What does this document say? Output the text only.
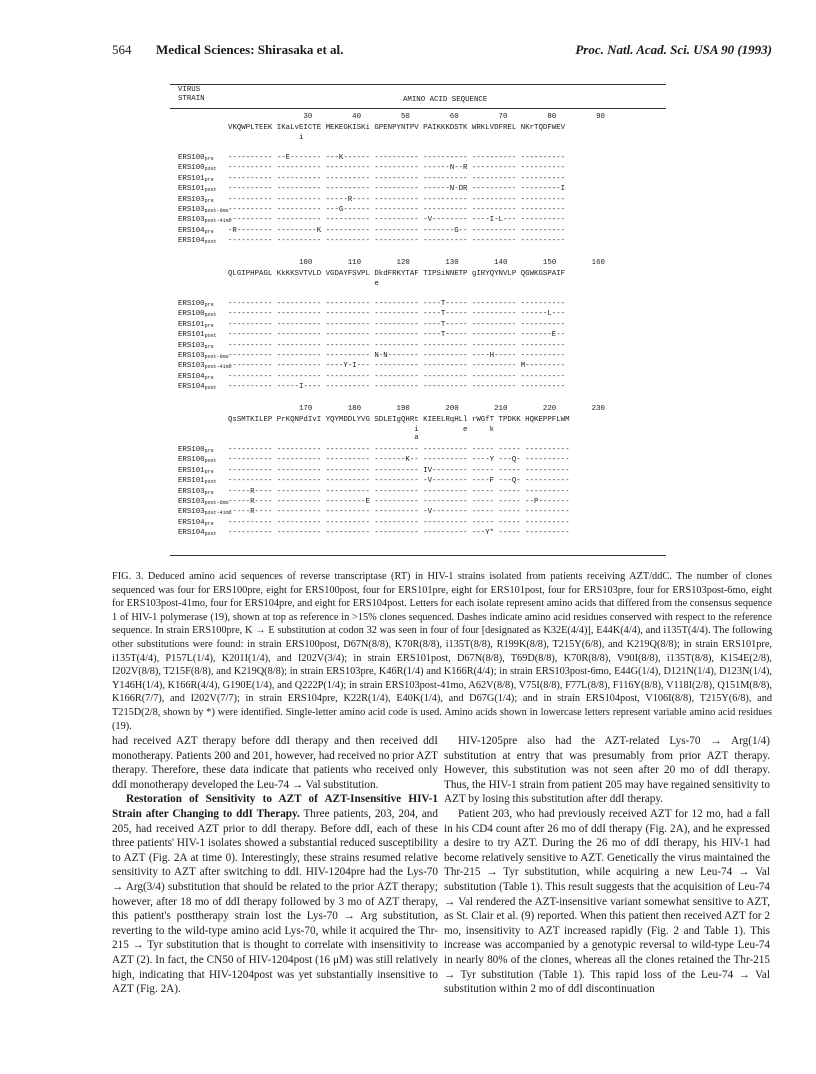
564 Medical Sciences: Shirasaka et al.	Proc. Natl. Acad. Sci. USA 90 (1993)
VIRUS
STRAIN	AMINO ACID SEQUENCE
30         40         50         60         70         80         90
VKQWPLTEEK IKaLvEICTE MEKEGKISKi GPENPYNTPV PAIKKKDSTK WRKLVDFREL NKrTQDFWEV
i
ERS100pre ---------- --E------- ---K------ ---------- ---------- ---------- ----------
ERS100post ---------- ---------- ---------- ---------- ------N--R ---------- ----------
ERS101pre ---------- ---------- ---------- ---------- ---------- ---------- ----------
ERS101post ---------- ---------- ---------- ---------- ------N-DR ---------- ---------I
ERS103pre ---------- ---------- -----R---- ---------- ---------- ---------- ----------
ERS103post-6mo ---------- ---------- ---G------ ---------- ---------- ---------- ----------
ERS103post-41mo
---------- ---------- ---------- ---------- -V-------- ----I-L--- ----------
ERS104pre -R-------- ---------K ---------- ---------- -------G-- ---------- ----------
ERS104post ---------- ---------- ---------- ---------- ---------- ---------- ----------
100        110        120        130        140        150        160
QLGIPHPAGL KkKKSVTVLD VGDAYFSVPL DkdFRKYTAF TIPSiNNETP gIRYQYNVLP QGWKGSPAIF
e
ERS100pre ---------- ---------- ---------- ---------- ----T----- ---------- ----------
ERS100post ---------- ---------- ---------- ---------- ----T----- ---------- ------L---
ERS101pre ---------- ---------- ---------- ---------- ----T----- ---------- ----------
ERS101post ---------- ---------- ---------- ---------- ----T----- ---------- -------E--
ERS103pre ---------- ---------- ---------- ---------- ---------- ---------- ----------
ERS103post-6mo ---------- ---------- ---------- N-N------- ---------- ----H----- ----------
ERS103post-41mo
---------- ---------- ----Y-I--- ---------- ---------- ---------- M---------
ERS104pre ---------- ---------- ---------- ---------- ---------- ---------- ----------
ERS104post ---------- -----I---- ---------- ---------- ---------- ---------- ----------
170        180        190        200        210        220        230
QsSMTKILEP PrKQNPdIvI YQYMDDLYVG SDLEIgQHRt KIEELRqHLl rWGfT TPDKK HQKEPPFLWM
i          e     k
a
ERS100pre ---------- ---------- ---------- ---------- ---------- ----- ----- ----------
ERS100post ---------- ---------- ---------- -------K-- ---------- ----Y ---Q- ----------
ERS101pre ---------- ---------- ---------- ---------- IV-------- ----- ----- ----------
ERS101post ---------- ---------- ---------- ---------- -V-------- ----F ---Q- ----------
ERS103pre -----R---- ---------- ---------- ---------- ---------- ----- ----- ----------
ERS103post-6mo -----R---- ---------- ---------E ---------- ---------- ----- ----- --P-------
ERS103post-41mo
-----R---- ---------- ---------- ---------- -V-------- ----- ----- ----------
ERS104pre ---------- ---------- ---------- ---------- ---------- ----- ----- ----------
ERS104post ---------- ---------- ---------- ---------- ---------- ---Y* ----- ----------
FIG. 3. Deduced amino acid sequences of reverse transcriptase (RT) in HIV-1 strains isolated from patients receiving AZT/ddC. The number of clones sequenced was four for ERS100pre, eight for ERS100post, four for ERS101pre, eight for ERS101post, four for ERS103pre, four for ERS103post-6mo, eight for ERS103post-41mo, four for ERS104pre, and eight for ERS104post. Letters for each isolate represent amino acids that differed from the consensus sequence 1 of HIV-1 polymerase (19), shown at top as reference in >15% clones sequenced. Dashes indicate amino acid residues conserved with respect to the reference sequence. In strain ERS100pre, K → E substitution at codon 32 was seen in four of four [designated as K32E(4/4)], E44K(4/4), and i135T(4/4). The following other substitutions were found: in strain ERS100post, D67N(8/8), K70R(8/8), i135T(8/8), R199K(8/8), T215Y(6/8), and K219Q(8/8); in strain ERS101pre, i135T(4/4), P157L(1/4), K201I(1/4), and I202V(3/4); in strain ERS101post, D67N(8/8), T69D(8/8), K70R(8/8), V90I(8/8), i135T(8/8), K154E(2/8), I202V(8/8), T215F(8/8), and K219Q(8/8); in strain ERS103pre, K46R(1/4) and K166R(4/4); in strain ERS103post-6mo, E44G(1/4), D121N(1/4), D123N(1/4), Y146H(1/4), K166R(4/4), G190E(1/4), and Q222P(1/4); in strain ERS103post-41mo, A62V(8/8), V75I(8/8), F77L(8/8), F116Y(8/8), V118I(2/8), Q151M(8/8), K166R(7/7), and I202V(7/7); in strain ERS104pre, K22R(1/4), E40K(1/4), and D67G(1/4); and in strain ERS104post, V106I(8/8), T215Y(6/8), and T215D(2/8, shown by *) were identified. Single-letter amino acid code is used. Amino acids shown in lowercase letters represent variable amino acid residues (19).

had received AZT therapy before ddI therapy and then received ddI monotherapy. Patients 200 and 201, however, had received no prior AZT therapy. Therefore, these data indicate that patients who received only ddI monotherapy developed the Leu-74 → Val substitution.

Restoration of Sensitivity to AZT of AZT-Insensitive HIV-1 Strain after Changing to ddI Therapy. Three patients, 203, 204, and 205, had received AZT prior to ddI therapy. Before ddI, each of these three patients' HIV-1 isolates showed a substantial reduced susceptibility to AZT (Fig. 2A at time 0). Interestingly, these strains resumed relative sensitivity to AZT after switching to ddI. HIV-1204pre had the Lys-70 → Arg(3/4) substitution that should be related to the prior AZT therapy; however, after 18 mo of ddI therapy followed by 3 mo of AZT therapy, this patient's posttherapy strain lost the Lys-70 → Arg substitution, reverting to the wild-type amino acid Lys-70, while it acquired the Thr-215 → Tyr substitution that is thought to correlate with insensitivity to AZT (2). In fact, the CN50 of HIV-1204post (16 μM) was still relatively high, indicating that HIV-1204post was yet substantially insensitive to AZT (Fig. 2A).

HIV-1205pre also had the AZT-related Lys-70 → Arg(1/4) substitution at entry that was presumably from prior AZT therapy. However, this substitution was not seen after 20 mo of ddI therapy. Thus, the HIV-1 strain from patient 205 may have regained sensitivity to AZT by losing this substitution after ddI therapy.

Patient 203, who had previously received AZT for 12 mo, had a fall in his CD4 count after 26 mo of ddI therapy (Fig. 2A), and he expressed a desire to try AZT. During the 26 mo of ddI therapy, his HIV-1 had become relatively sensitive to AZT. Genetically the virus maintained the Thr-215 → Tyr substitution, while acquiring a new Leu-74 → Val substitution (Table 1). This result suggests that the acquisition of Leu-74 → Val rendered the AZT-insensitive variant somewhat sensitive to AZT, as St. Clair et al. (9) reported. When this patient then received AZT for 2 mo, insensitivity to AZT increased rapidly (Fig. 2 and Table 1). This increase was accompanied by a genotypic reversal to wild-type Leu-74 in nearly 80% of the clones, whereas all the clones retained the Thr-215 → Tyr substitution (Table 1). This rapid loss of the Leu-74 → Val substitution within 2 mo of ddI discontinuation
